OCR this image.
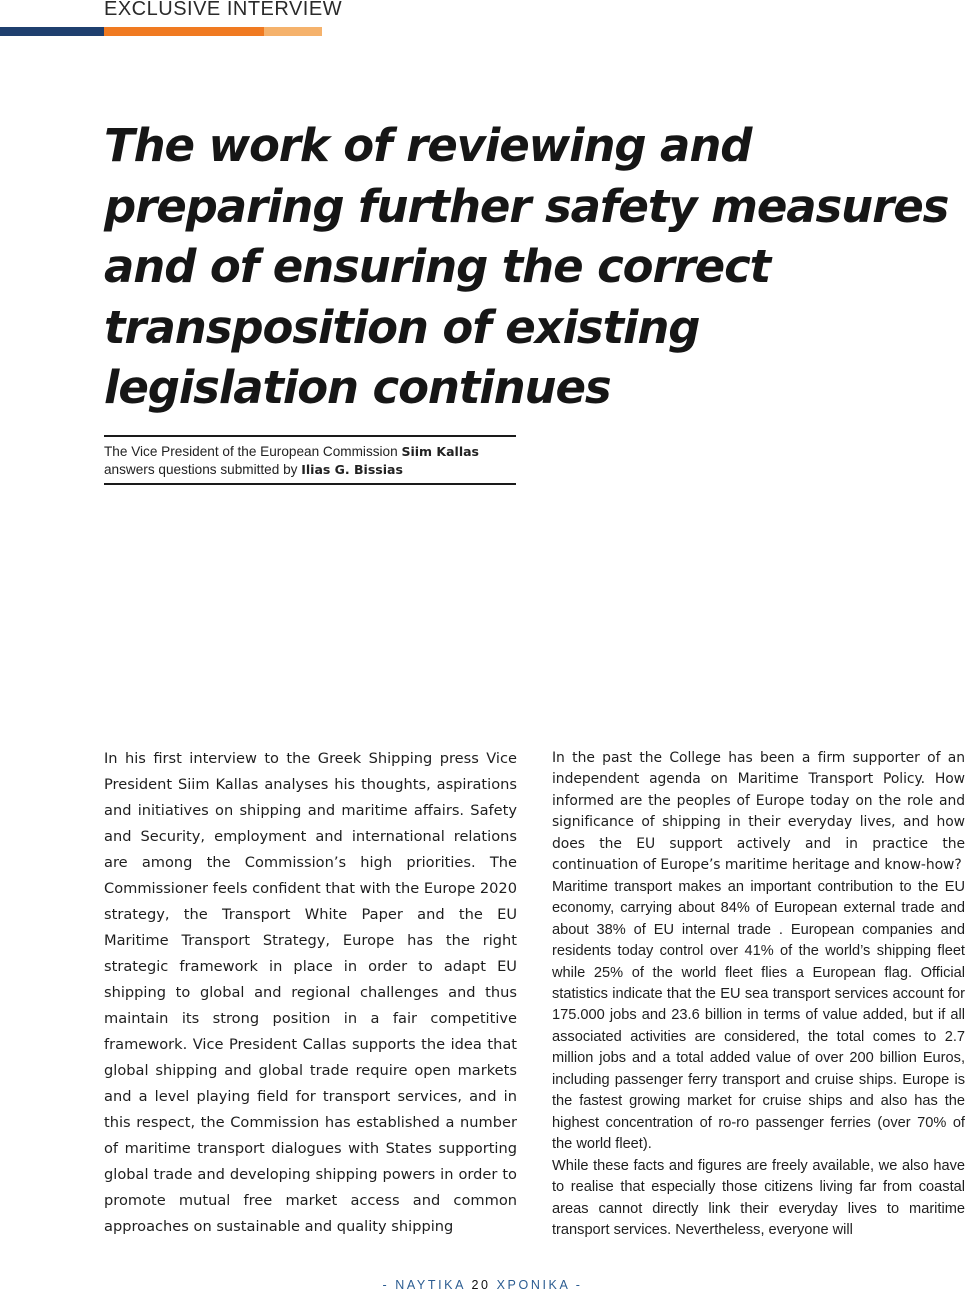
EXCLUSIVE INTERVIEW

The work of reviewing and preparing further safety measures and of ensuring the correct transposition of existing legislation continues
The Vice President of the European Commission Siim Kallas
answers questions submitted by Ilias G. Bissias

In his first interview to the Greek Shipping press Vice President Siim Kallas analyses his thoughts, aspirations and initiatives on shipping and maritime affairs. Safety and Security, employment and international relations are among the Commission’s high priorities. The Commissioner feels confident that with the Europe 2020 strategy, the Transport White Paper and the EU Maritime Transport Strategy, Europe has the right strategic framework in place in order to adapt EU shipping to global and regional challenges and thus maintain its strong position in a fair competitive framework. Vice President Callas supports the idea that global shipping and global trade require open markets and a level playing field for transport services, and in this respect, the Commission has established a number of maritime transport dialogues with States supporting global trade and developing shipping powers in order to promote mutual free market access and common approaches on sustainable and quality shipping

In the past the College has been a firm supporter of an independent agenda on Maritime Transport Policy. How informed are the peoples of Europe today on the role and significance of shipping in their everyday lives, and how does the EU support actively and in practice the continuation of Europe’s maritime heritage and know-how?

Maritime transport makes an important contribution to the EU economy, carrying about 84% of European external trade and about 38% of EU internal trade . European companies and residents today control over 41% of the world’s shipping fleet while 25% of the world fleet flies a European flag. Official statistics indicate that the EU sea transport services account for 175.000 jobs and 23.6 billion in terms of value added, but if all associated activities are considered, the total comes to 2.7 million jobs and a total added value of over 200 billion Euros, including passenger ferry transport and cruise ships. Europe is the fastest growing market for cruise ships and also has the highest concentration of ro-ro passenger ferries (over 70% of the world fleet).

While these facts and figures are freely available, we also have to realise that especially those citizens living far from coastal areas cannot directly link their everyday lives to maritime transport services. Nevertheless, everyone will

- ΝΑΥΤΙΚΑ 20 ΧΡΟΝΙΚΑ -
